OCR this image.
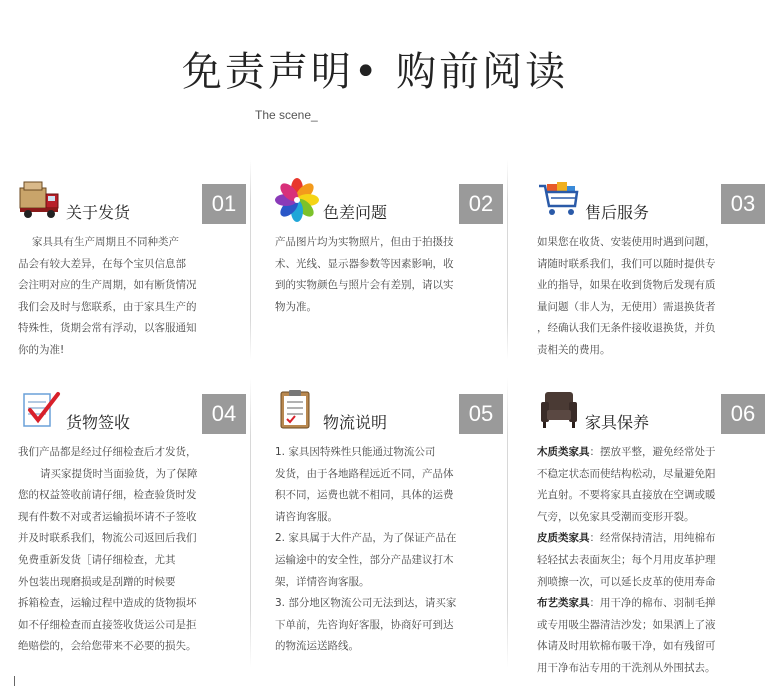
免责声明• 购前阅读
The scene_
关于发货	01

家具具有生产周期且不同种类产

品会有较大差异，在每个宝贝信息部

会注明对应的生产周期，如有断货情况

我们会及时与您联系，由于家具生产的

特殊性，货期会常有浮动，以客服通知

你的为准!

色差问题	02

产品图片均为实物照片，但由于拍摄技

术、光线、显示器参数等因素影响，收

到的实物颜色与照片会有差别，请以实

物为准。

售后服务	03

如果您在收货、安装使用时遇到问题，

请随时联系我们，我们可以随时提供专

业的指导，如果在收到货物后发现有质

量问题（非人为，无使用）需退换货者

，经确认我们无条件接收退换货，并负

责相关的费用。

货物签收	04

我们产品都是经过仔细检查后才发货，

请买家提货时当面验货，为了保障

您的权益签收前请仔细，检查验货时发

现有件数不对或者运输损坏请不子签收

并及时联系我们，物流公司返回后我们

免费重新发货［请仔细检查，尤其

外包装出现磨损或是刮蹭的时候要

拆箱检查，运输过程中造成的货物损坏

如不仔细检查而直接签收货运公司是拒

绝赔偿的，会给您带来不必要的损失。

物流说明	05

1. 家具因特殊性只能通过物流公司

发货，由于各地路程远近不同，产品体

积不同，运费也就不相同，具体的运费

请咨询客服。

2. 家具属于大件产品，为了保证产品在

运输途中的安全性，部分产品建议打木

架，详情咨询客服。

3. 部分地区物流公司无法到达，请买家

下单前，先咨询好客服，协商好可到达

的物流运送路线。

家具保养	06

木质类家具：摆放平整，避免经常处于

不稳定状态而使结构松动，尽量避免阳

光直射。不要将家具直接放在空调或暖

气旁，以免家具受潮而变形开裂。

皮质类家具：经常保持清洁，用纯棉布

轻轻拭去表面灰尘；每个月用皮革护理

剂喷擦一次，可以延长皮革的使用寿命

布艺类家具：用干净的棉布、羽制毛掸

或专用吸尘器清洁沙发；如果洒上了液

体请及时用软棉布吸干净，如有残留可

用干净布沾专用的干洗剂从外围拭去。
